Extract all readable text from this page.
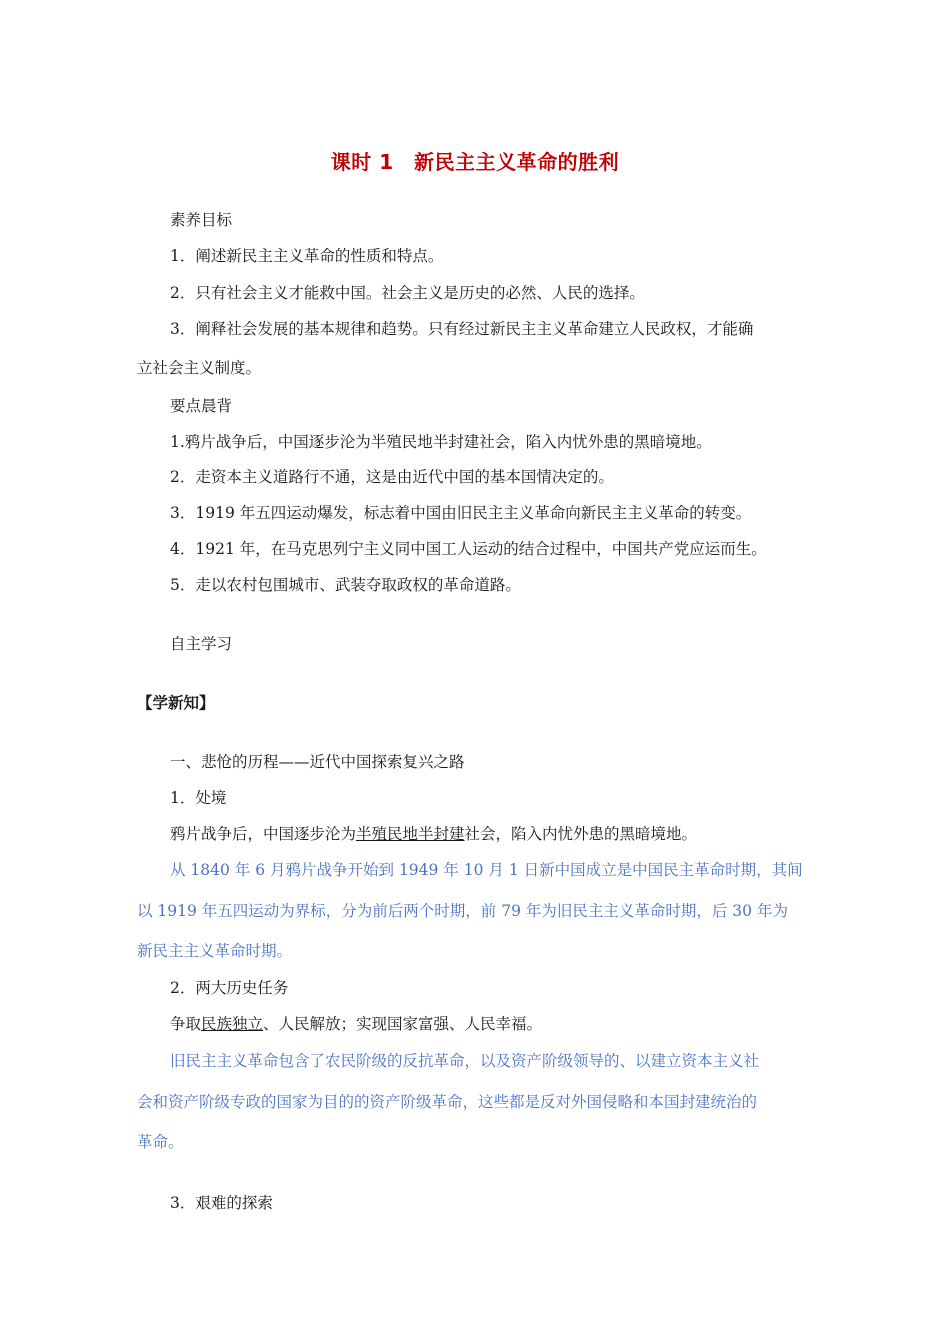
课时 1　新民主主义革命的胜利
素养目标
1．阐述新民主主义革命的性质和特点。
2．只有社会主义才能救中国。社会主义是历史的必然、人民的选择。
3．阐释社会发展的基本规律和趋势。只有经过新民主主义革命建立人民政权，才能确
立社会主义制度。
要点晨背
1.鸦片战争后，中国逐步沦为半殖民地半封建社会，陷入内忧外患的黑暗境地。
2．走资本主义道路行不通，这是由近代中国的基本国情决定的。
3．1919 年五四运动爆发，标志着中国由旧民主主义革命向新民主主义革命的转变。
4．1921 年，在马克思列宁主义同中国工人运动的结合过程中，中国共产党应运而生。
5．走以农村包围城市、武装夺取政权的革命道路。
自主学习
【学新知】
一、悲怆的历程——近代中国探索复兴之路
1．处境
鸦片战争后，中国逐步沦为半殖民地半封建社会，陷入内忧外患的黑暗境地。
从 1840 年 6 月鸦片战争开始到 1949 年 10 月 1 日新中国成立是中国民主革命时期，其间
以 1919 年五四运动为界标，分为前后两个时期，前 79 年为旧民主主义革命时期，后 30 年为
新民主主义革命时期。
2．两大历史任务
争取民族独立、人民解放；实现国家富强、人民幸福。
旧民主主义革命包含了农民阶级的反抗革命，以及资产阶级领导的、以建立资本主义社
会和资产阶级专政的国家为目的的资产阶级革命，这些都是反对外国侵略和本国封建统治的
革命。
3．艰难的探索
